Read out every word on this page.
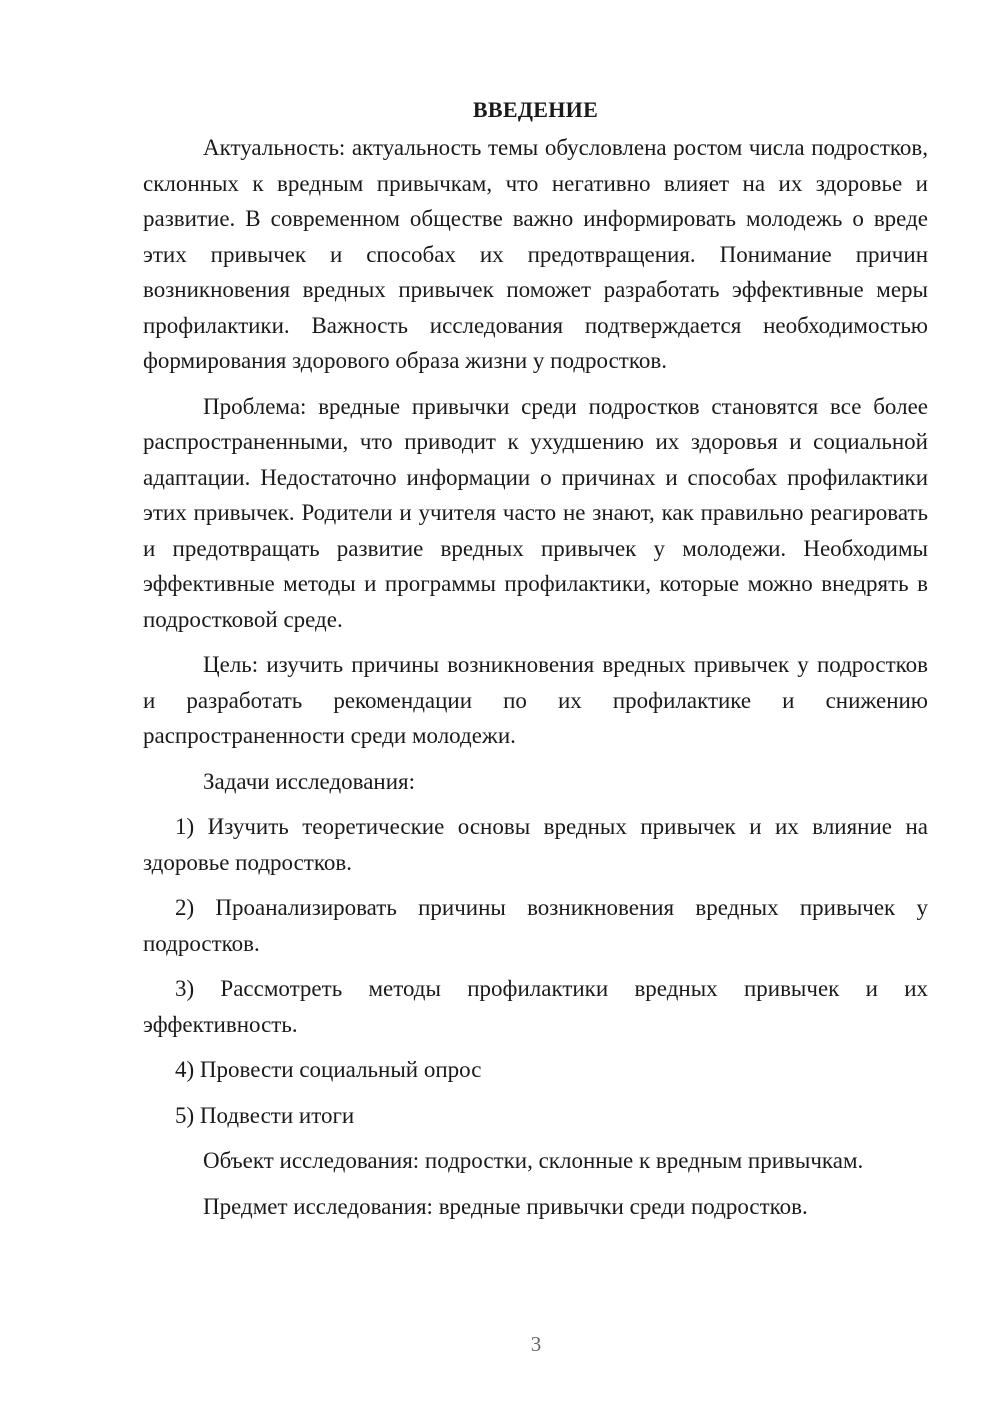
ВВЕДЕНИЕ

Актуальность: актуальность темы обусловлена ростом числа подростков, склонных к вредным привычкам, что негативно влияет на их здоровье и развитие. В современном обществе важно информировать молодежь о вреде этих привычек и способах их предотвращения. Понимание причин возникновения вредных привычек поможет разработать эффективные меры профилактики. Важность исследования подтверждается необходимостью формирования здорового образа жизни у подростков.

Проблема: вредные привычки среди подростков становятся все более распространенными, что приводит к ухудшению их здоровья и социальной адаптации. Недостаточно информации о причинах и способах профилактики этих привычек. Родители и учителя часто не знают, как правильно реагировать и предотвращать развитие вредных привычек у молодежи. Необходимы эффективные методы и программы профилактики, которые можно внедрять в подростковой среде.

Цель: изучить причины возникновения вредных привычек у подростков и разработать рекомендации по их профилактике и снижению распространенности среди молодежи.

Задачи исследования:

1) Изучить теоретические основы вредных привычек и их влияние на здоровье подростков.

2) Проанализировать причины возникновения вредных привычек у подростков.

3) Рассмотреть методы профилактики вредных привычек и их эффективность.

4) Провести социальный опрос

5) Подвести итоги

Объект исследования: подростки, склонные к вредным привычкам.

Предмет исследования: вредные привычки среди подростков.

3
